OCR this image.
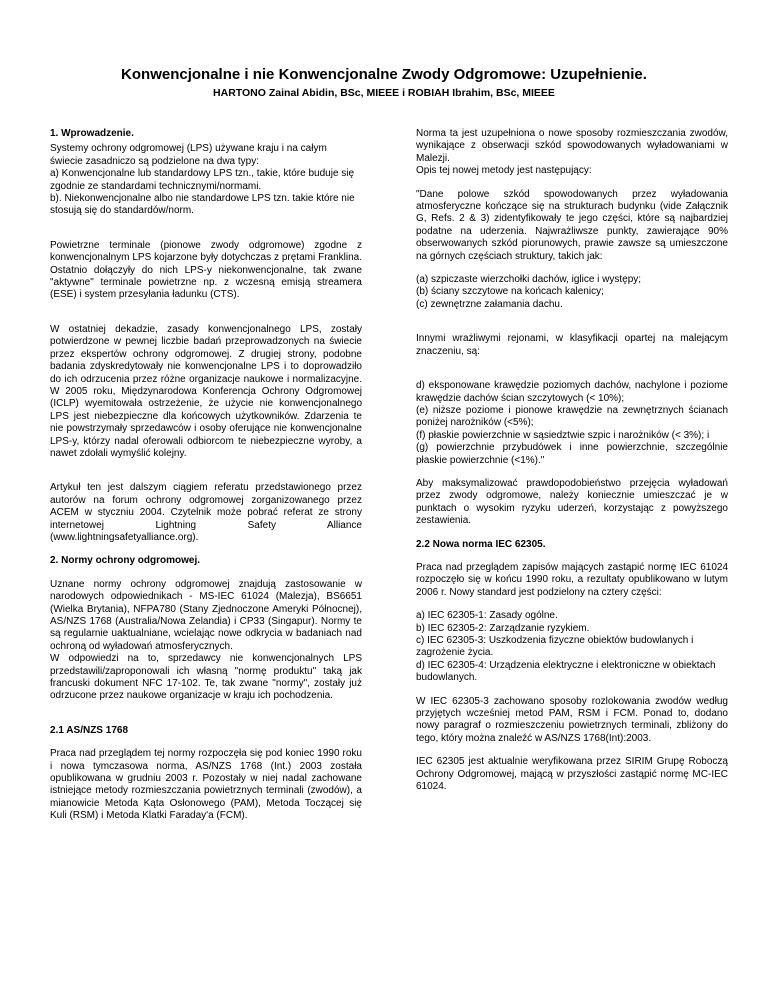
Konwencjonalne i nie Konwencjonalne Zwody Odgromowe: Uzupełnienie.
HARTONO Zainal Abidin, BSc, MIEEE i ROBIAH Ibrahim, BSc, MIEEE

1. Wprowadzenie.

Systemy ochrony odgromowej (LPS) używane kraju i na całym świecie zasadniczo są podzielone na dwa typy:

a) Konwencjonalne lub standardowy LPS tzn., takie, które buduje się zgodnie ze standardami technicznymi/normami.

b). Niekonwencjonalne albo nie standardowe LPS tzn. takie które nie stosują się do standardów/norm.

Powietrzne terminale (pionowe zwody odgromowe) zgodne z konwencjonalnym LPS kojarzone były dotychczas z prętami Franklina. Ostatnio dołączyły do nich LPS-y niekonwencjonalne, tak zwane "aktywne" terminale powietrzne np. z wczesną emisją streamera (ESE) i system przesyłania ładunku (CTS).

W ostatniej dekadzie, zasady konwencjonalnego LPS, zostały potwierdzone w pewnej liczbie badań przeprowadzonych na świecie przez ekspertów ochrony odgromowej. Z drugiej strony, podobne badania zdyskredytowały nie konwencjonalne LPS i to doprowadziło do ich odrzucenia przez różne organizacje naukowe i normalizacyjne. W 2005 roku, Międzynarodowa Konferencja Ochrony Odgromowej (ICLP) wyemitowała ostrzeżenie, że użycie nie konwencjonalnego LPS jest niebezpieczne dla końcowych użytkowników. Zdarzenia te nie powstrzymały sprzedawców i osoby oferujące nie konwencjonalne LPS-y, którzy nadal oferowali odbiorcom te niebezpieczne wyroby, a nawet zdołali wymyślić kolejny.

Artykuł ten jest dalszym ciągiem referatu przedstawionego przez autorów na forum ochrony odgromowej zorganizowanego przez ACEM w styczniu 2004. Czytelnik może pobrać referat ze strony internetowej Lightning Safety Alliance (www.lightningsafetyalliance.org).

2. Normy ochrony odgromowej.

Uznane normy ochrony odgromowej znajdują zastosowanie w narodowych odpowiednikach - MS-IEC 61024 (Malezja), BS6651 (Wielka Brytania), NFPA780 (Stany Zjednoczone Ameryki Północnej), AS/NZS 1768 (Australia/Nowa Zelandia) i CP33 (Singapur). Normy te są regularnie uaktualniane, wcielając nowe odkrycia w badaniach nad ochroną od wyładowań atmosferycznych.

W odpowiedzi na to, sprzedawcy nie konwencjonalnych LPS przedstawili/zaproponowali ich własną "normę produktu" taką jak francuski dokument NFC 17-102. Te, tak zwane "normy", zostały już odrzucone przez naukowe organizacje w kraju ich pochodzenia.

2.1 AS/NZS 1768

Praca nad przeglądem tej normy rozpoczęła się pod koniec 1990 roku i nowa tymczasowa norma, AS/NZS 1768 (Int.) 2003 została opublikowana w grudniu 2003 r. Pozostały w niej nadal zachowane istniejące metody rozmieszczania powietrznych terminali (zwodów), a mianowicie Metoda Kąta Osłonowego (PAM), Metoda Toczącej się Kuli (RSM) i Metoda Klatki Faraday'a (FCM).

Norma ta jest uzupełniona o nowe sposoby rozmieszczania zwodów, wynikające z obserwacji szkód spowodowanych wyładowaniami w Malezji.

Opis tej nowej metody jest następujący:

"Dane polowe szkód spowodowanych przez wyładowania atmosferyczne kończące się na strukturach budynku (vide Załącznik G, Refs. 2 & 3) zidentyfikowały te jego części, które są najbardziej podatne na uderzenia. Najwrażliwsze punkty, zawierające 90% obserwowanych szkód piorunowych, prawie zawsze są umieszczone na górnych częściach struktury, takich jak:

(a) szpiczaste wierzchołki dachów, iglice i występy;

(b) ściany szczytowe na końcach kalenicy;

(c) zewnętrzne załamania dachu.

Innymi wrażliwymi rejonami, w klasyfikacji opartej na malejącym znaczeniu, są:

d) eksponowane krawędzie poziomych dachów, nachylone i poziome krawędzie dachów ścian szczytowych (< 10%);

(e) niższe poziome i pionowe krawędzie na zewnętrznych ścianach poniżej narożników (<5%);

(f) płaskie powierzchnie w sąsiedztwie szpic i narożników (< 3%); i

(g) powierzchnie przybudówek i inne powierzchnie, szczególnie płaskie powierzchnie (<1%)."

Aby maksymalizować prawdopodobieństwo przejęcia wyładowań przez zwody odgromowe, należy koniecznie umieszczać je w punktach o wysokim ryzyku uderzeń, korzystając z powyższego zestawienia.

2.2 Nowa norma IEC 62305.

Praca nad przeglądem zapisów mających zastąpić normę IEC 61024 rozpoczęło się w końcu 1990 roku, a rezultaty opublikowano w lutym 2006 r. Nowy standard jest podzielony na cztery części:

a) IEC 62305-1: Zasady ogólne.

b) IEC 62305-2: Zarządzanie ryzykiem.

c) IEC 62305-3: Uszkodzenia fizyczne obiektów budowlanych i zagrożenie życia.

d) IEC 62305-4: Urządzenia elektryczne i elektroniczne w obiektach budowlanych.

W IEC 62305-3 zachowano sposoby rozlokowania zwodów według przyjętych wcześniej metod PAM, RSM i FCM. Ponad to, dodano nowy paragraf o rozmieszczeniu powietrznych terminali, zbliżony do tego, który można znaleźć w AS/NZS 1768(Int):2003.

IEC 62305 jest aktualnie weryfikowana przez SIRIM Grupę Roboczą Ochrony Odgromowej, mającą w przyszłości zastąpić normę MC-IEC 61024.
